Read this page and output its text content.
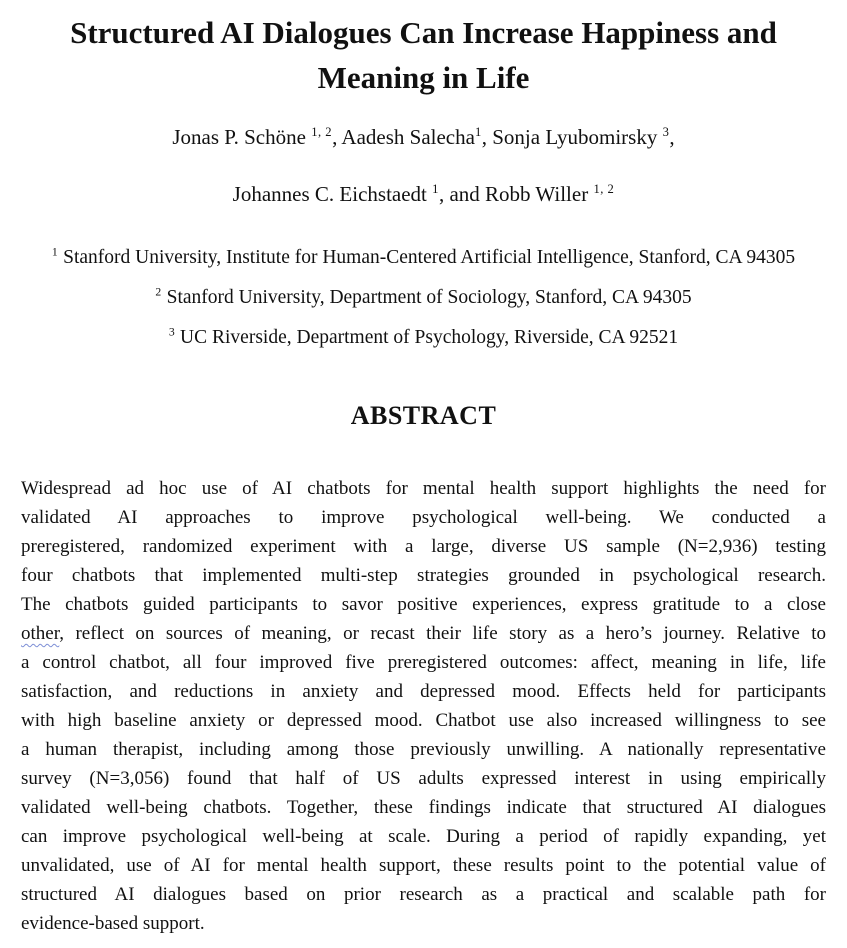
Structured AI Dialogues Can Increase Happiness and
Meaning in Life
Jonas P. Schöne $^{1, 2}$, Aadesh Salecha$^1$, Sonja Lyubomirsky $^3$,
Johannes C. Eichstaedt $^1$, and Robb Willer $^{1, 2}$
$^1$ Stanford University, Institute for Human-Centered Artificial Intelligence, Stanford, CA 94305
$^2$ Stanford University, Department of Sociology, Stanford, CA 94305
$^3$ UC Riverside, Department of Psychology, Riverside, CA 92521
ABSTRACT
Widespread ad hoc use of AI chatbots for mental health support highlights the need for
validated AI approaches to improve psychological well-being. We conducted a
preregistered, randomized experiment with a large, diverse US sample (N=2,936) testing
four chatbots that implemented multi-step strategies grounded in psychological research.
The chatbots guided participants to savor positive experiences, express gratitude to a close
other, reflect on sources of meaning, or recast their life story as a hero’s journey. Relative to
a control chatbot, all four improved five preregistered outcomes: affect, meaning in life, life
satisfaction, and reductions in anxiety and depressed mood. Effects held for participants
with high baseline anxiety or depressed mood. Chatbot use also increased willingness to see
a human therapist, including among those previously unwilling. A nationally representative
survey (N=3,056) found that half of US adults expressed interest in using empirically
validated well-being chatbots. Together, these findings indicate that structured AI dialogues
can improve psychological well-being at scale. During a period of rapidly expanding, yet
unvalidated, use of AI for mental health support, these results point to the potential value of
structured AI dialogues based on prior research as a practical and scalable path for
evidence-based support.
